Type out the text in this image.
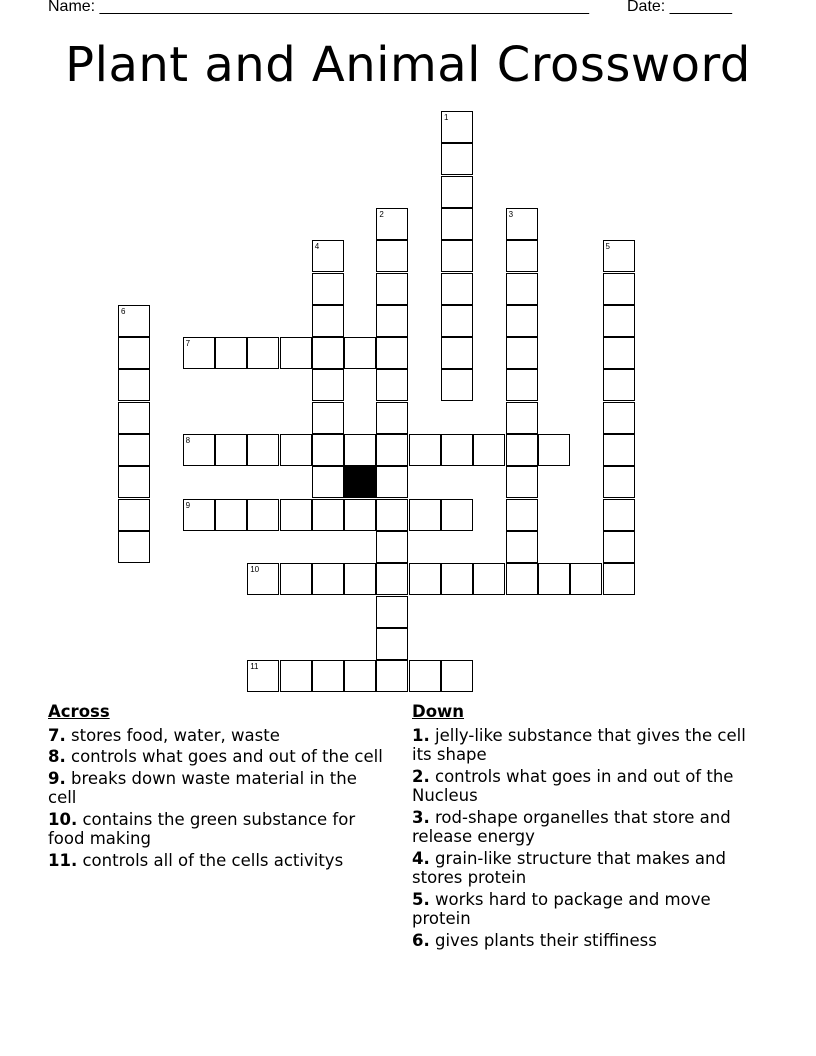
Name: _______________________________________________________ Date: _______
Plant and Animal Crossword
1
2	3
4	5
6
7
8
9
10
11
Across
7. stores food, water, waste
8. controls what goes and out of the cell
9. breaks down waste material in the cell
10. contains the green substance for food making
11. controls all of the cells activitys
Down
1. jelly-like substance that gives the cell its shape
2. controls what goes in and out of the Nucleus
3. rod-shape organelles that store and release energy
4. grain-like structure that makes and stores protein
5. works hard to package and move protein
6. gives plants their stiffiness
